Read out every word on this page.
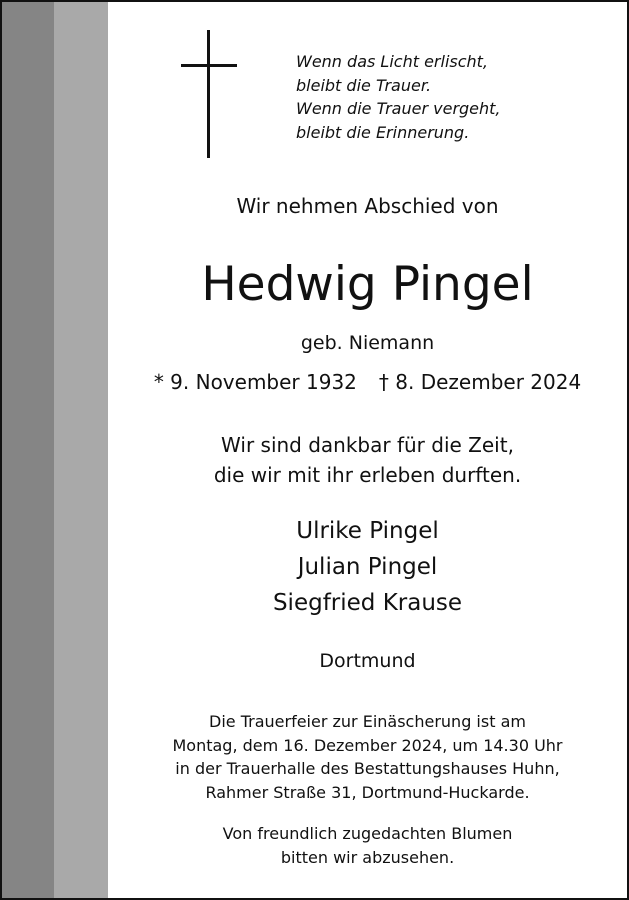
Wenn das Licht erlischt,
bleibt die Trauer.
Wenn die Trauer vergeht,
bleibt die Erinnerung.
Wir nehmen Abschied von
Hedwig Pingel
geb. Niemann
* 9. November 1932 † 8. Dezember 2024
Wir sind dankbar für die Zeit,
die wir mit ihr erleben durften.
Ulrike Pingel
Julian Pingel
Siegfried Krause
Dortmund
Die Trauerfeier zur Einäscherung ist am
Montag, dem 16. Dezember 2024, um 14.30 Uhr
in der Trauerhalle des Bestattungshauses Huhn,
Rahmer Straße 31, Dortmund-Huckarde.
Von freundlich zugedachten Blumen
bitten wir abzusehen.
